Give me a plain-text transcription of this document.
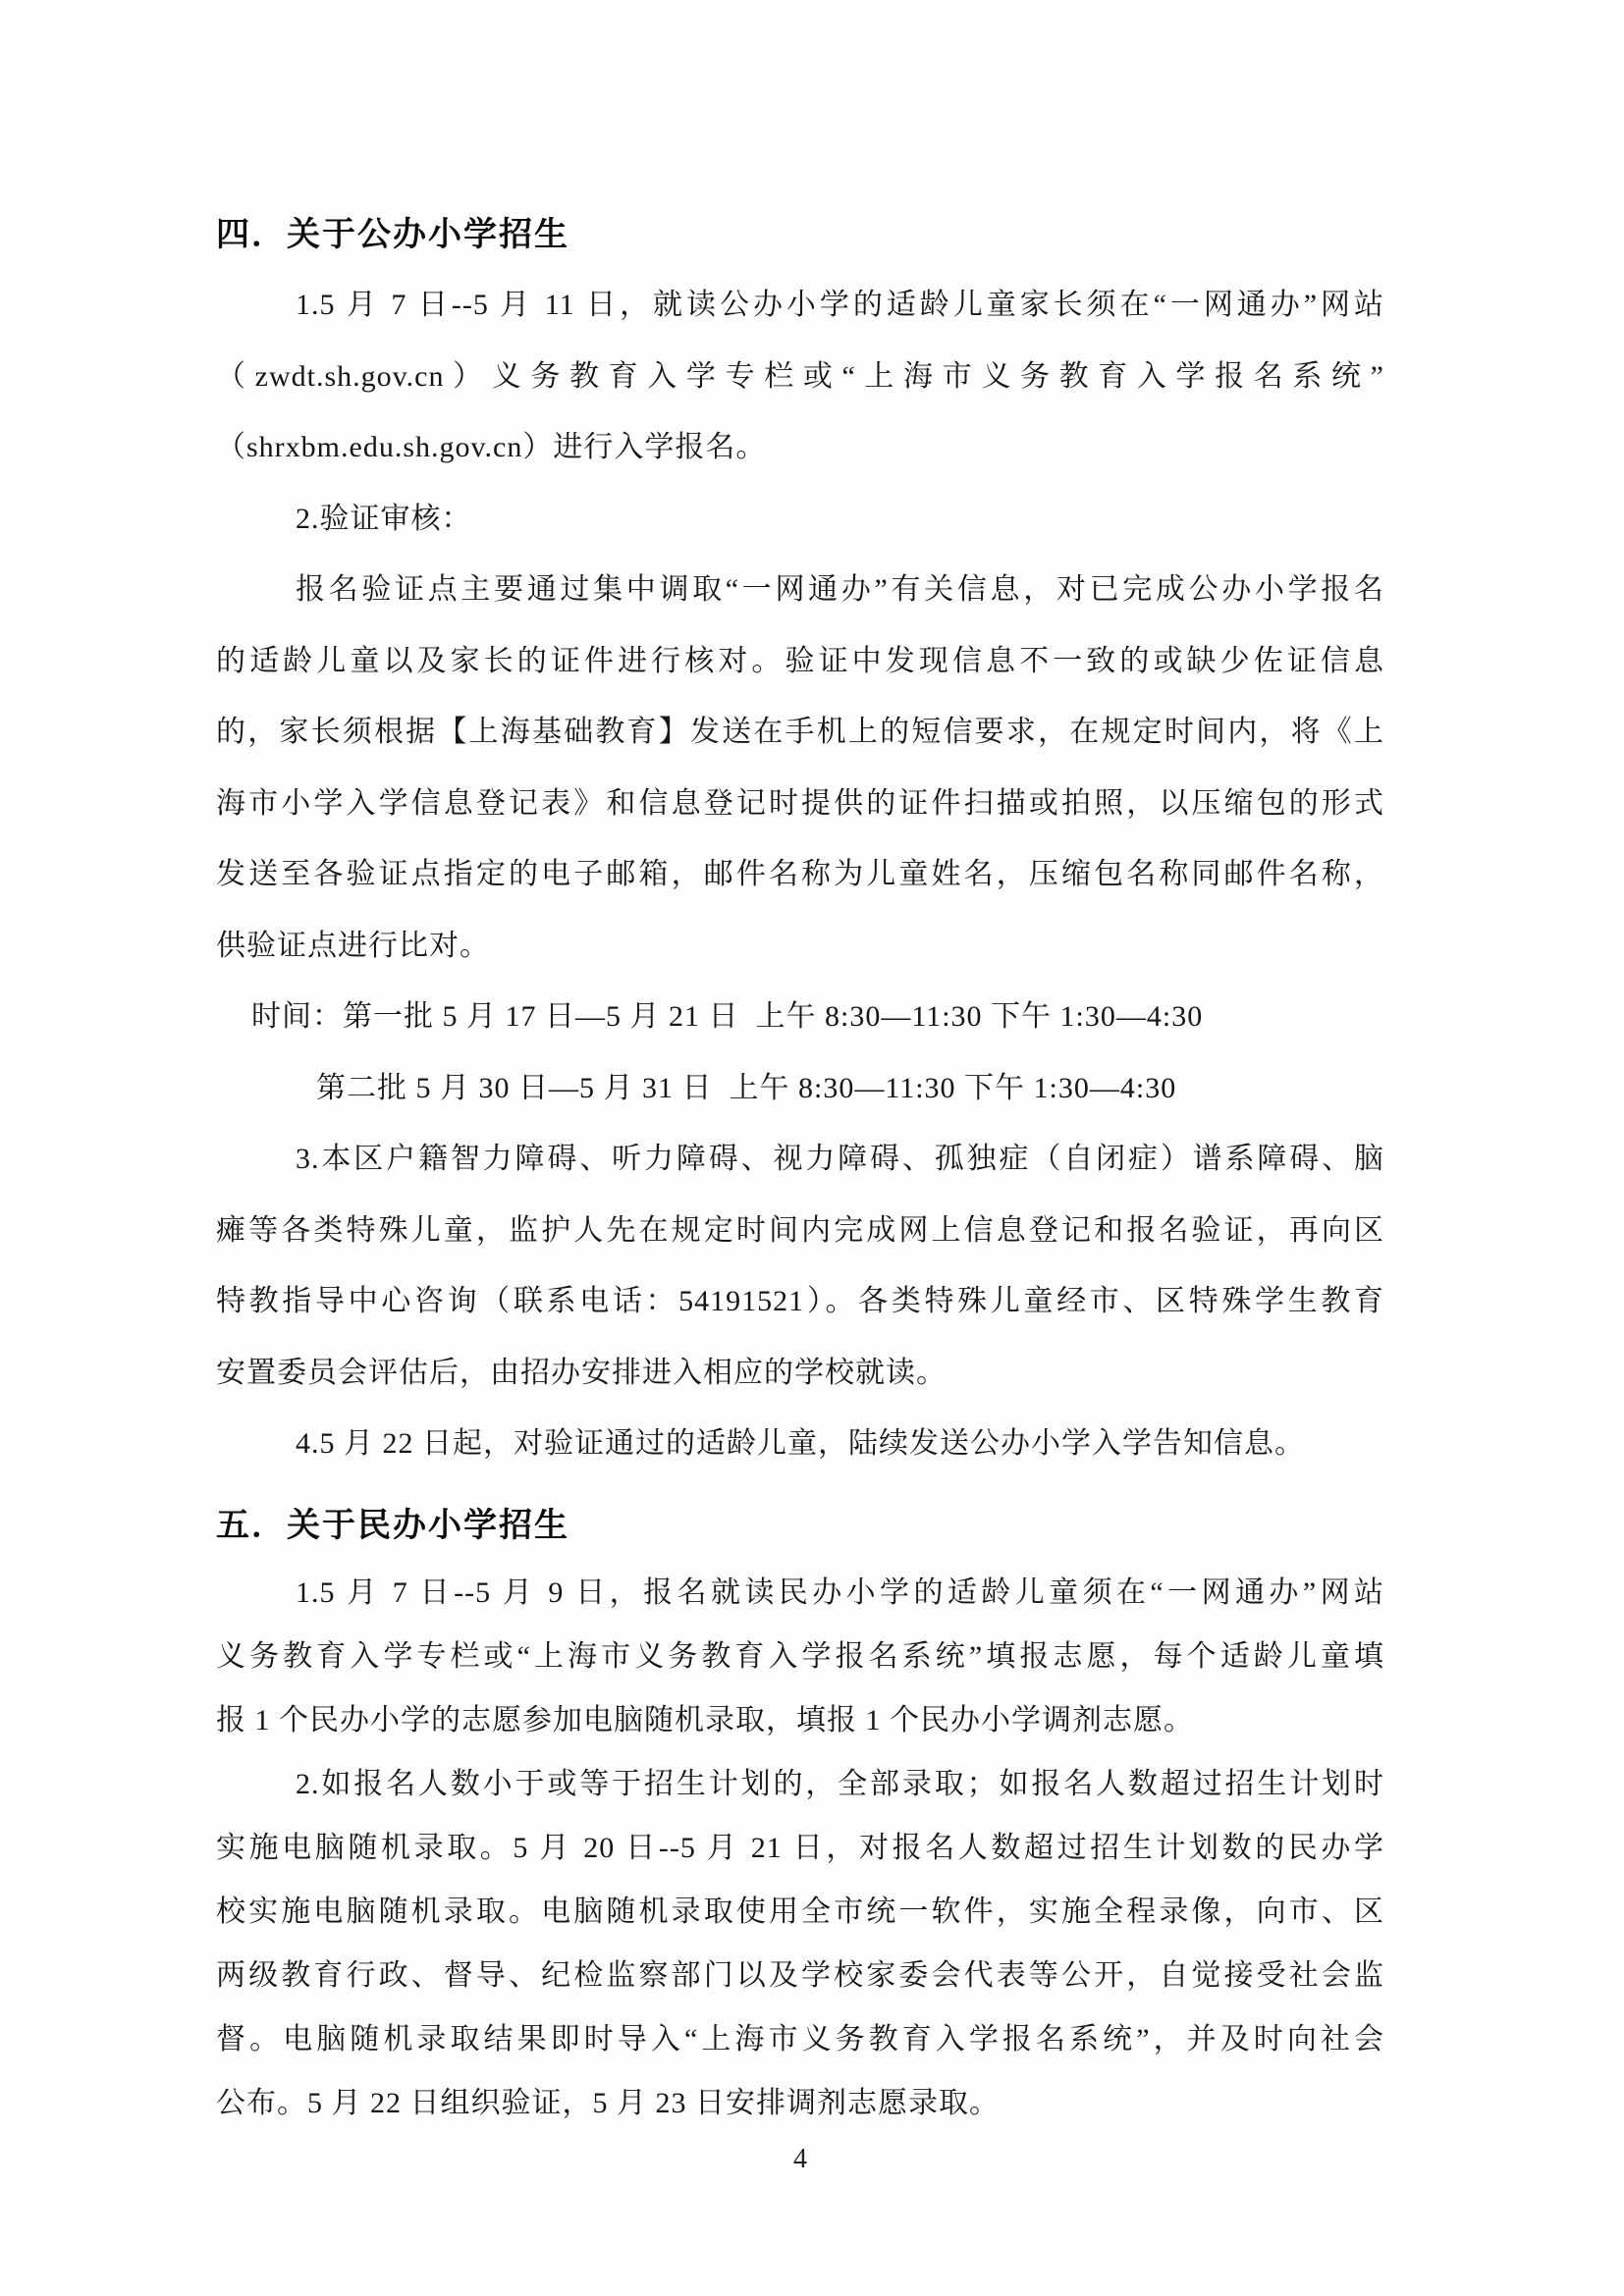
四．关于公办小学招生
1.5 月 7 日--5 月 11 日，就读公办小学的适龄儿童家长须在“一网通办”网站
（zwdt.sh.gov.cn）义务教育入学专栏或“上海市义务教育入学报名系统”
（shrxbm.edu.sh.gov.cn）进行入学报名。
2.验证审核：
报名验证点主要通过集中调取“一网通办”有关信息，对已完成公办小学报名
的适龄儿童以及家长的证件进行核对。验证中发现信息不一致的或缺少佐证信息
的，家长须根据【上海基础教育】发送在手机上的短信要求，在规定时间内，将《上
海市小学入学信息登记表》和信息登记时提供的证件扫描或拍照，以压缩包的形式
发送至各验证点指定的电子邮箱，邮件名称为儿童姓名，压缩包名称同邮件名称，
供验证点进行比对。
时间：第一批 5 月 17 日—5 月 21 日  上午 8:30—11:30 下午 1:30—4:30
第二批 5 月 30 日—5 月 31 日  上午 8:30—11:30 下午 1:30—4:30
3.本区户籍智力障碍、听力障碍、视力障碍、孤独症（自闭症）谱系障碍、脑
瘫等各类特殊儿童，监护人先在规定时间内完成网上信息登记和报名验证，再向区
特教指导中心咨询（联系电话：54191521）。各类特殊儿童经市、区特殊学生教育
安置委员会评估后，由招办安排进入相应的学校就读。
4.5 月 22 日起，对验证通过的适龄儿童，陆续发送公办小学入学告知信息。
五．关于民办小学招生
1.5 月 7 日--5 月 9 日，报名就读民办小学的适龄儿童须在“一网通办”网站
义务教育入学专栏或“上海市义务教育入学报名系统”填报志愿，每个适龄儿童填
报 1 个民办小学的志愿参加电脑随机录取，填报 1 个民办小学调剂志愿。
2.如报名人数小于或等于招生计划的，全部录取；如报名人数超过招生计划时
实施电脑随机录取。5 月 20 日--5 月 21 日，对报名人数超过招生计划数的民办学
校实施电脑随机录取。电脑随机录取使用全市统一软件，实施全程录像，向市、区
两级教育行政、督导、纪检监察部门以及学校家委会代表等公开，自觉接受社会监
督。电脑随机录取结果即时导入“上海市义务教育入学报名系统”，并及时向社会
公布。5 月 22 日组织验证，5 月 23 日安排调剂志愿录取。
4
